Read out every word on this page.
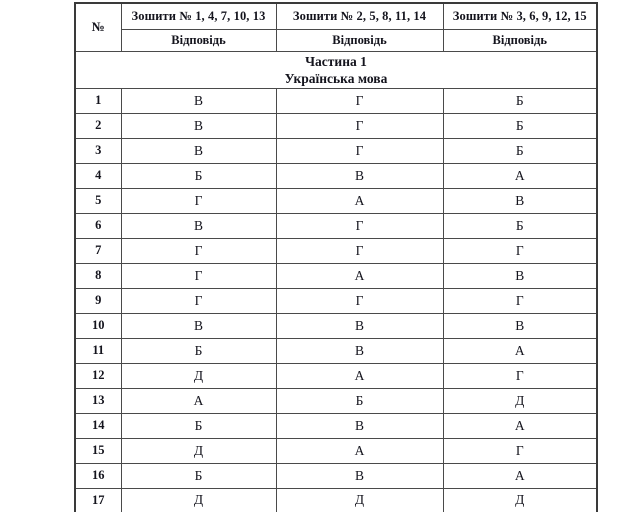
№	Зошити № 1, 4, 7, 10, 13	Зошити № 2, 5, 8, 11, 14	Зошити № 3, 6, 9, 12, 15
	Відповідь	Відповідь	Відповідь

Частина 1
Українська мова			

1	В	Г	Б
2	В	Г	Б
3	В	Г	Б
4	Б	В	А
5	Г	А	В
6	В	Г	Б
7	Г	Г	Г
8	Г	А	В
9	Г	Г	Г
10	В	В	В
11	Б	В	А
12	Д	А	Г
13	А	Б	Д
14	Б	В	А
15	Д	А	Г
16	Б	В	А
17	Д	Д	Д
